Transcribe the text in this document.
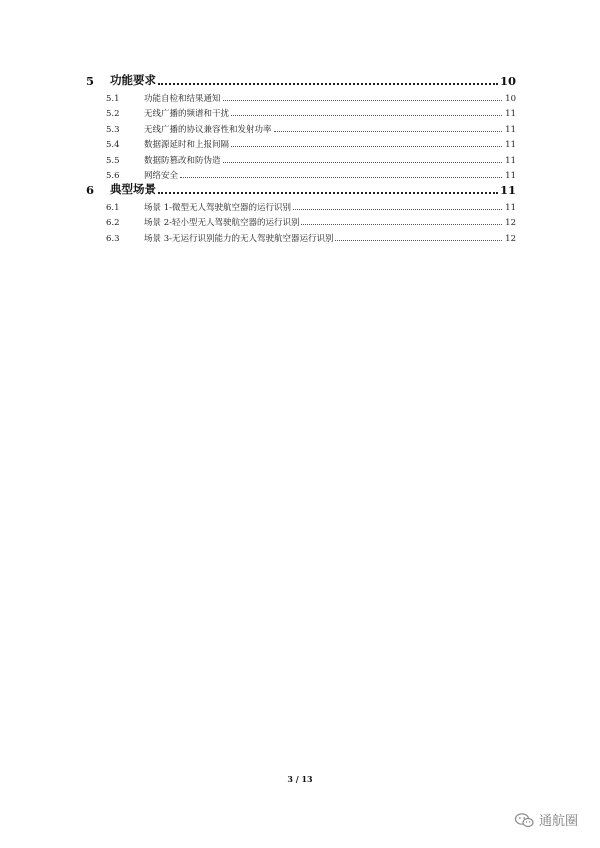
5	功能要求	10
5.1	功能自检和结果通知	10
5.2	无线广播的频谱和干扰	11
5.3	无线广播的协议兼容性和发射功率	11
5.4	数据源延时和上报间隔	11
5.5	数据防篡改和防伪造	11
5.6	网络安全	11
6	典型场景	11
6.1	场景 1-微型无人驾驶航空器的运行识别	11
6.2	场景 2-轻小型无人驾驶航空器的运行识别	12
6.3	场景 3-无运行识别能力的无人驾驶航空器运行识别	12
3 / 13
通航圈
